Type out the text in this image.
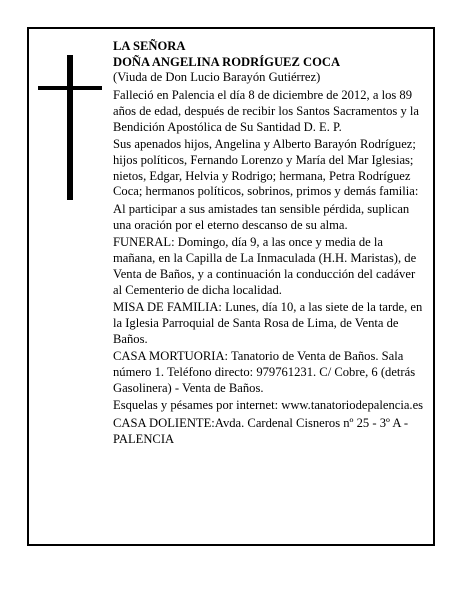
LA SEÑORA

DOÑA ANGELINA RODRÍGUEZ COCA

(Viuda de Don Lucio Barayón Gutiérrez)

Falleció en Palencia el día 8 de diciembre de 2012, a los 89 años de edad, después de recibir los Santos Sacramentos y la Bendición Apostólica de Su Santidad D. E. P.

Sus apenados hijos, Angelina y Alberto Barayón Rodríguez; hijos políticos, Fernando Lorenzo y María del Mar Iglesias; nietos, Edgar, Helvia y Rodrigo; hermana, Petra Rodríguez Coca; hermanos políticos, sobrinos, primos y demás familia:

Al participar a sus amistades tan sensible pérdida, suplican una oración por el eterno descanso de su alma.

FUNERAL: Domingo, día 9, a las once y media de la mañana, en la Capilla de La Inmaculada (H.H. Maristas), de Venta de Baños, y a continuación la conducción del cadáver al Cementerio de dicha localidad.

MISA DE FAMILIA: Lunes, día 10, a las siete de la tarde, en la Iglesia Parroquial de Santa Rosa de Lima, de Venta de Baños.

CASA MORTUORIA: Tanatorio de Venta de Baños. Sala número 1. Teléfono directo: 979761231. C/ Cobre, 6 (detrás Gasolinera) - Venta de Baños.

Esquelas y pésames por internet: www.tanatoriodepalencia.es

CASA DOLIENTE:Avda. Cardenal Cisneros nº 25 - 3º A - PALENCIA
